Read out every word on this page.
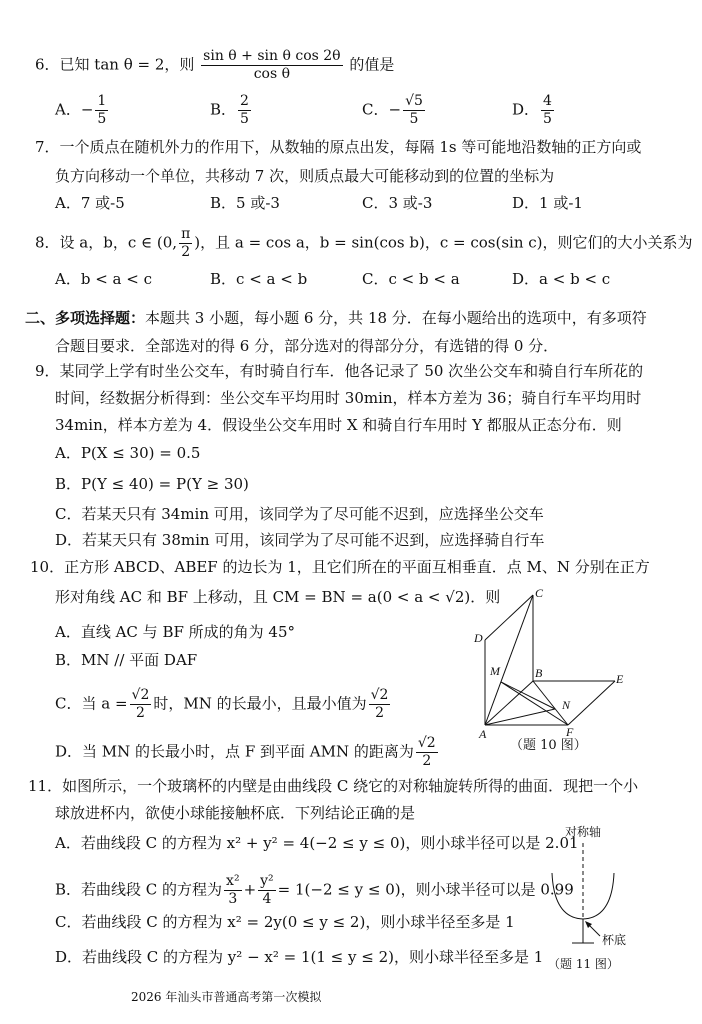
6．已知 tan θ = 2，则 $\frac{\text{sin θ + sin θ cos 2θ}}{\text{cos θ}}$ 的值是
A．− $\frac{1}{5}$	B． $\frac{2}{5}$	C．− $\frac{√5}{5}$	D． $\frac{4}{5}$
7．一个质点在随机外力的作用下，从数轴的原点出发，每隔 1s 等可能地沿数轴的正方向或
负方向移动一个单位，共移动 7 次，则质点最大可能移动到的位置的坐标为
A．7 或-5	B．5 或-3	C．3 或-3	D．1 或-1
8．设 a，b，c ∈ (0, $\frac{\pi}{2}$ )，且 a = cos a，b = sin(cos b)，c = cos(sin c)，则它们的大小关系为
A．b < a < c	B．c < a < b	C．c < b < a	D．a < b < c
二、多项选择题：本题共 3 小题，每小题 6 分，共 18 分．在每小题给出的选项中，有多项符
合题目要求．全部选对的得 6 分，部分选对的得部分分，有选错的得 0 分．
9．某同学上学有时坐公交车，有时骑自行车．他各记录了 50 次坐公交车和骑自行车所花的
时间，经数据分析得到：坐公交车平均用时 30min，样本方差为 36；骑自行车平均用时
34min，样本方差为 4．假设坐公交车用时 X 和骑自行车用时 Y 都服从正态分布．则
A．P(X ≤ 30) = 0.5
B．P(Y ≤ 40) = P(Y ≥ 30)
C．若某天只有 34min 可用，该同学为了尽可能不迟到，应选择坐公交车
D．若某天只有 38min 可用，该同学为了尽可能不迟到，应选择骑自行车
10．正方形 ABCD、ABEF 的边长为 1，且它们所在的平面互相垂直．点 M、N 分别在正方
形对角线 AC 和 BF 上移动，且 CM = BN = a(0 < a < √2)．则
A．直线 AC 与 BF 所成的角为 45°
B．MN // 平面 DAF
C．当 $a = \frac{√2}{2}$ 时，MN 的长最小，且最小值为 $\frac{√2}{2}$
D．当 MN 的长最小时，点 F 到平面 AMN 的距离为 $\frac{√2}{2}$
C
D
M	B	E
N
A	F
（题 10 图）
11．如图所示，一个玻璃杯的内壁是由曲线段 C 绕它的对称轴旋转所得的曲面．现把一个小
球放进杯内，欲使小球能接触杯底．下列结论正确的是
A．若曲线段 C 的方程为 x² + y² = 4(−2 ≤ y ≤ 0)，则小球半径可以是 2.01
B．若曲线段 C 的方程为 $\frac{\text{x²}}{3} + \frac{\text{y²}}{4} = 1(-2 \le y \le 0)$，则小球半径可以是 0.99
C．若曲线段 C 的方程为 x² = 2y(0 ≤ y ≤ 2)，则小球半径至多是 1
D．若曲线段 C 的方程为 y² − x² = 1(1 ≤ y ≤ 2)，则小球半径至多是 1
对称轴
杯底
（题 11 图）
2026 年汕头市普通高考第一次模拟
